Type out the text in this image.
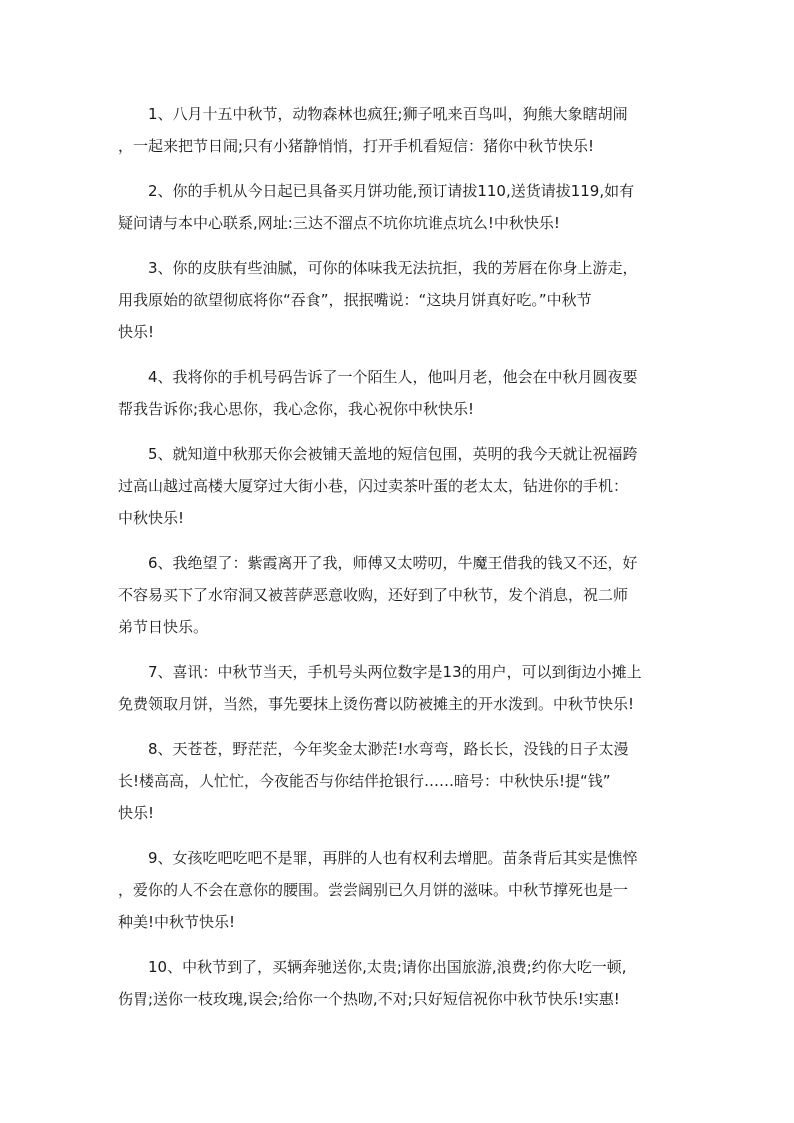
　　1、八月十五中秋节，动物森林也疯狂;狮子吼来百鸟叫，狗熊大象瞎胡闹
，一起来把节日闹;只有小猪静悄悄，打开手机看短信：猪你中秋节快乐!
　　2、你的手机从今日起已具备买月饼功能,预订请拔110,送货请拔119,如有
疑问请与本中心联系,网址:三达不溜点不坑你坑谁点坑么!中秋快乐!
　　3、你的皮肤有些油腻，可你的体味我无法抗拒，我的芳唇在你身上游走，
用我原始的欲望彻底将你“吞食”，抿抿嘴说：“这块月饼真好吃。”中秋节
快乐!
　　4、我将你的手机号码告诉了一个陌生人，他叫月老，他会在中秋月圆夜要
帮我告诉你;我心思你，我心念你，我心祝你中秋快乐!
　　5、就知道中秋那天你会被铺天盖地的短信包围，英明的我今天就让祝福跨
过高山越过高楼大厦穿过大街小巷，闪过卖茶叶蛋的老太太，钻进你的手机：
中秋快乐!
　　6、我绝望了：紫霞离开了我，师傅又太唠叨，牛魔王借我的钱又不还，好
不容易买下了水帘洞又被菩萨恶意收购，还好到了中秋节，发个消息，祝二师
弟节日快乐。
　　7、喜讯：中秋节当天，手机号头两位数字是13的用户，可以到街边小摊上
免费领取月饼，当然，事先要抹上烫伤膏以防被摊主的开水泼到。中秋节快乐!
　　8、天苍苍，野茫茫，今年奖金太渺茫!水弯弯，路长长，没钱的日子太漫
长!楼高高，人忙忙，今夜能否与你结伴抢银行……暗号：中秋快乐!提“钱”
快乐!
　　9、女孩吃吧吃吧不是罪，再胖的人也有权利去增肥。苗条背后其实是憔悴
，爱你的人不会在意你的腰围。尝尝阔别已久月饼的滋味。中秋节撑死也是一
种美!中秋节快乐!
　　10、中秋节到了，买辆奔驰送你,太贵;请你出国旅游,浪费;约你大吃一顿,
伤胃;送你一枝玫瑰,误会;给你一个热吻,不对;只好短信祝你中秋节快乐!实惠!
